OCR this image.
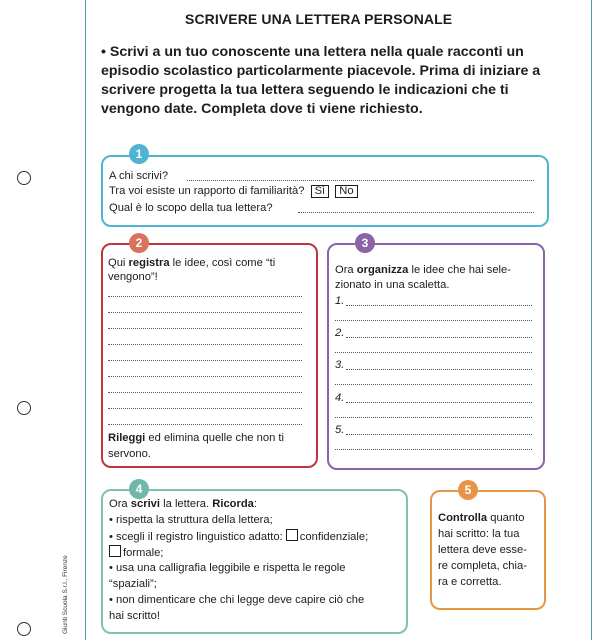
Giunti Scuola S.r.l., Firenze
SCRIVERE UNA LETTERA PERSONALE
• Scrivi a un tuo conoscente una lettera nella quale racconti un episodio scolastico particolarmente piacevole. Prima di iniziare a scrivere progetta la tua lettera seguendo le indicazioni che ti vengono date. Completa dove ti viene richiesto.
1
A chi scrivi?
Tra voi esiste un rapporto di familiarità? Sì No
Qual è lo scopo della tua lettera?
2
Qui registra le idee, così come “ti
vengono”!
Rileggi ed elimina quelle che non ti
servono.
3
Ora organizza le idee che hai sele-
zionato in una scaletta.
1.
2.
3.
4.
5.
4
Ora scrivi la lettera. Ricorda:
• rispetta la struttura della lettera;
• scegli il registro linguistico adatto: confidenziale;
formale;
• usa una calligrafia leggibile e rispetta le regole
“spaziali”;
• non dimenticare che chi legge deve capire ciò che
hai scritto!
5
Controlla quanto
hai scritto: la tua
lettera deve esse-
re completa, chia-
ra e corretta.
